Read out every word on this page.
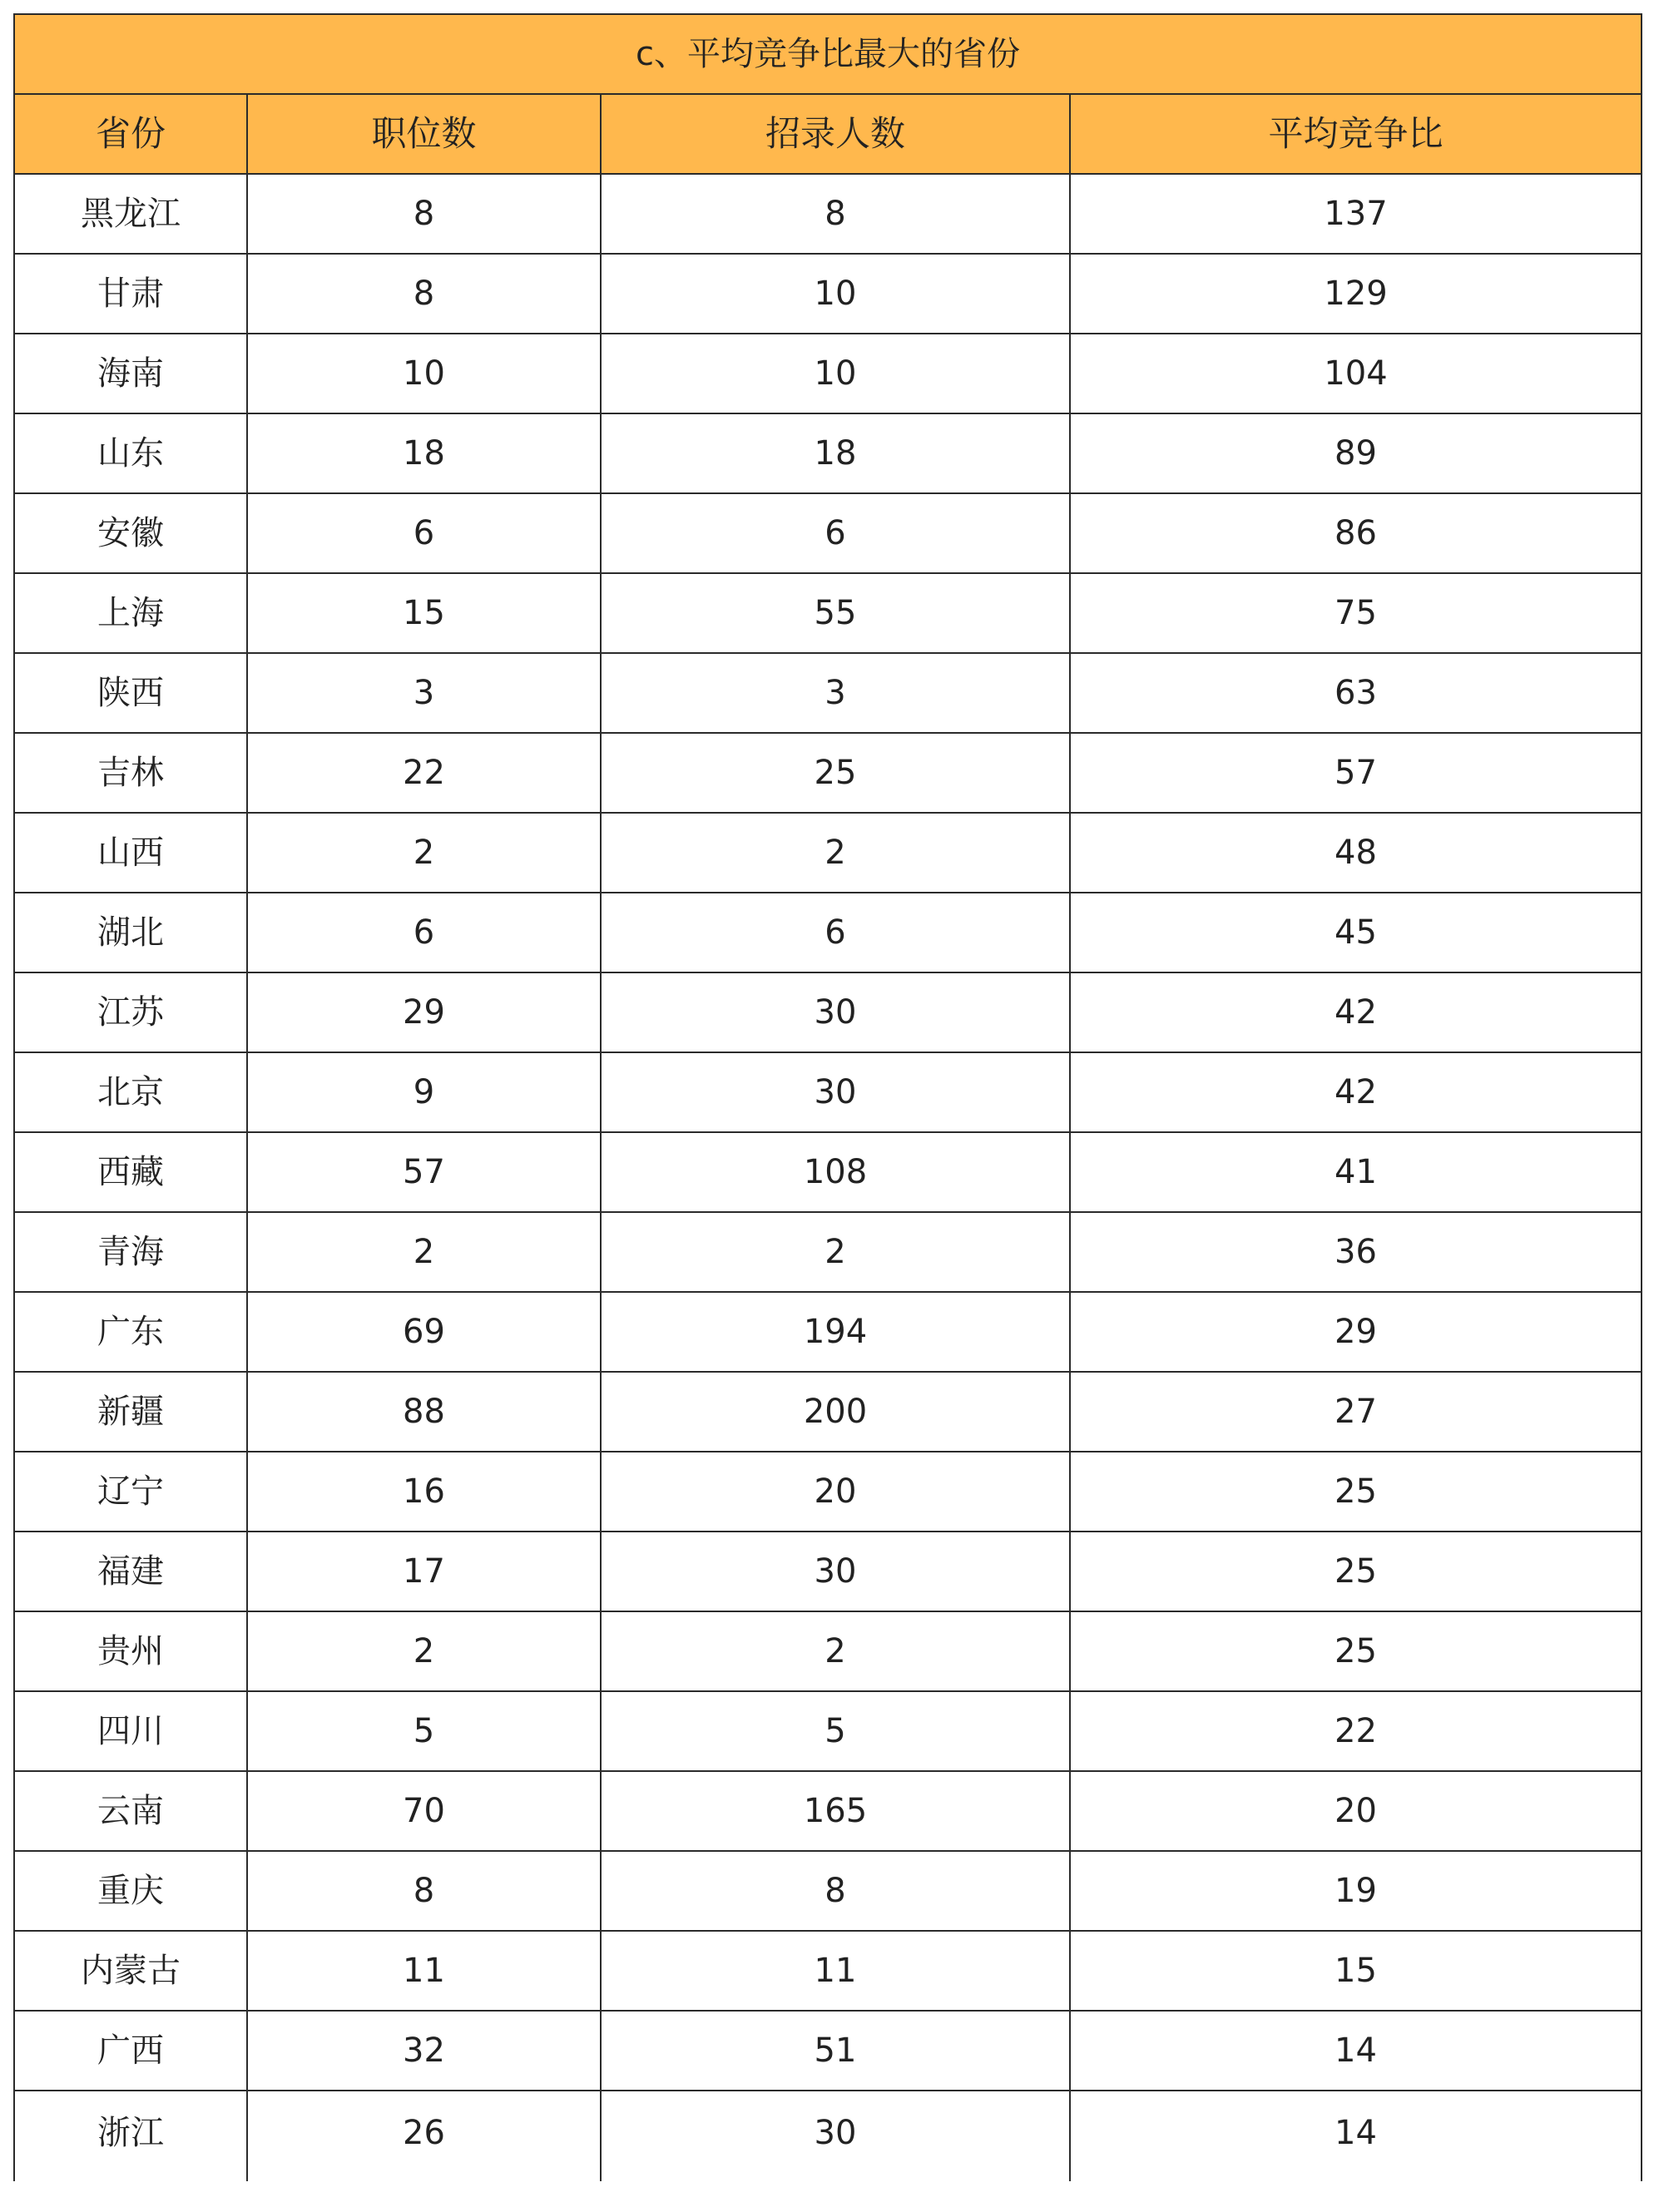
c、平均竞争比最大的省份			
省份	职位数	招录人数	平均竞争比
黑龙江	8	8	137
甘肃	8	10	129
海南	10	10	104
山东	18	18	89
安徽	6	6	86
上海	15	55	75
陕西	3	3	63
吉林	22	25	57
山西	2	2	48
湖北	6	6	45
江苏	29	30	42
北京	9	30	42
西藏	57	108	41
青海	2	2	36
广东	69	194	29
新疆	88	200	27
辽宁	16	20	25
福建	17	30	25
贵州	2	2	25
四川	5	5	22
云南	70	165	20
重庆	8	8	19
内蒙古	11	11	15
广西	32	51	14
浙江	26	30	14
